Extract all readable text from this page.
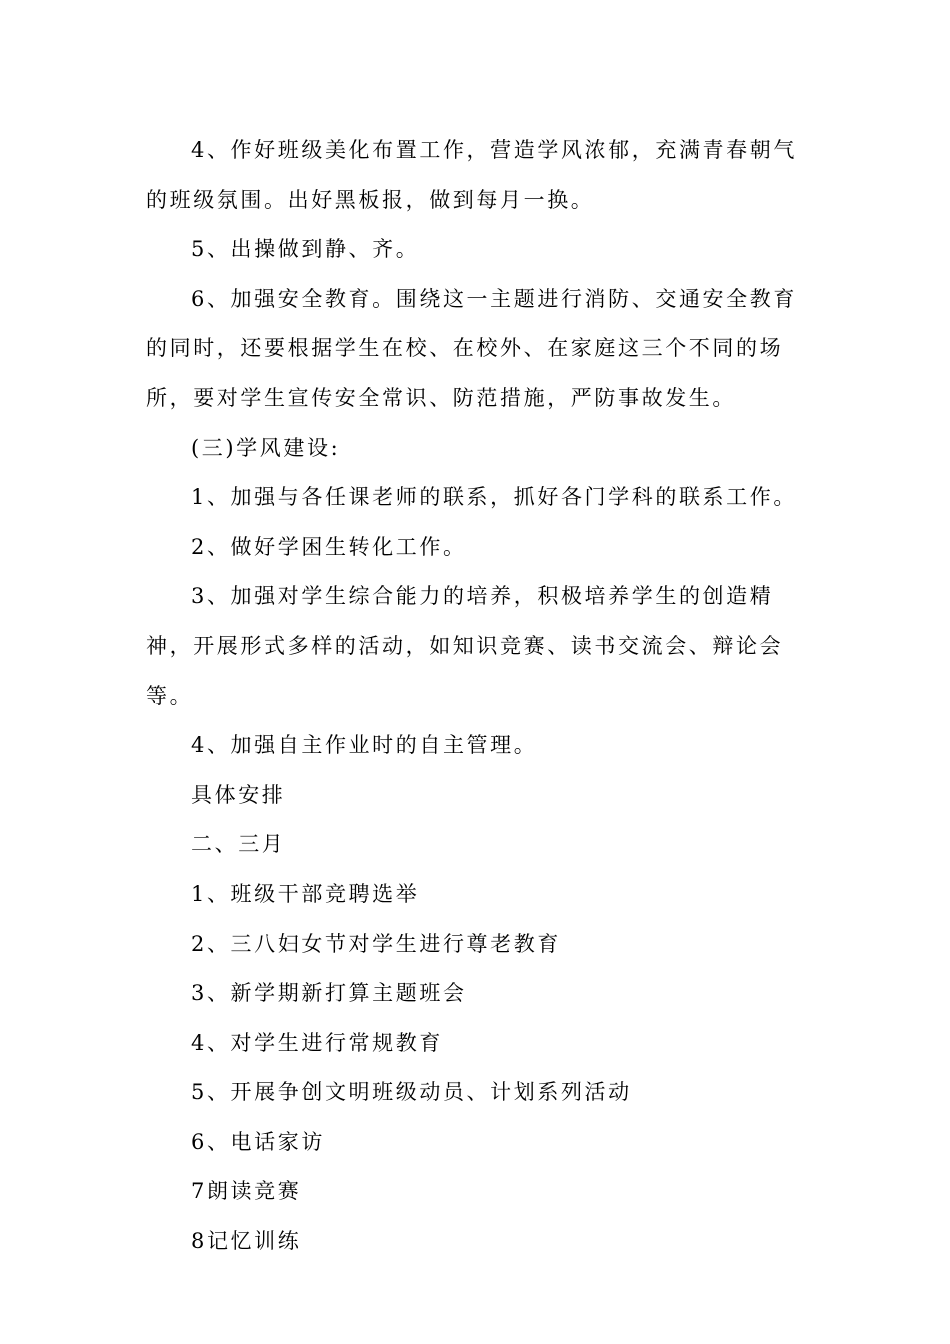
4、作好班级美化布置工作，营造学风浓郁，充满青春朝气的班级氛围。出好黑板报，做到每月一换。

5、出操做到静、齐。

6、加强安全教育。围绕这一主题进行消防、交通安全教育的同时，还要根据学生在校、在校外、在家庭这三个不同的场所，要对学生宣传安全常识、防范措施，严防事故发生。

(三)学风建设:

1、加强与各任课老师的联系，抓好各门学科的联系工作。

2、做好学困生转化工作。

3、加强对学生综合能力的培养，积极培养学生的创造精神，开展形式多样的活动，如知识竞赛、读书交流会、辩论会等。

4、加强自主作业时的自主管理。

具体安排

二、三月

1、班级干部竞聘选举

2、三八妇女节对学生进行尊老教育

3、新学期新打算主题班会

4、对学生进行常规教育

5、开展争创文明班级动员、计划系列活动

6、电话家访

7朗读竞赛

8记忆训练
